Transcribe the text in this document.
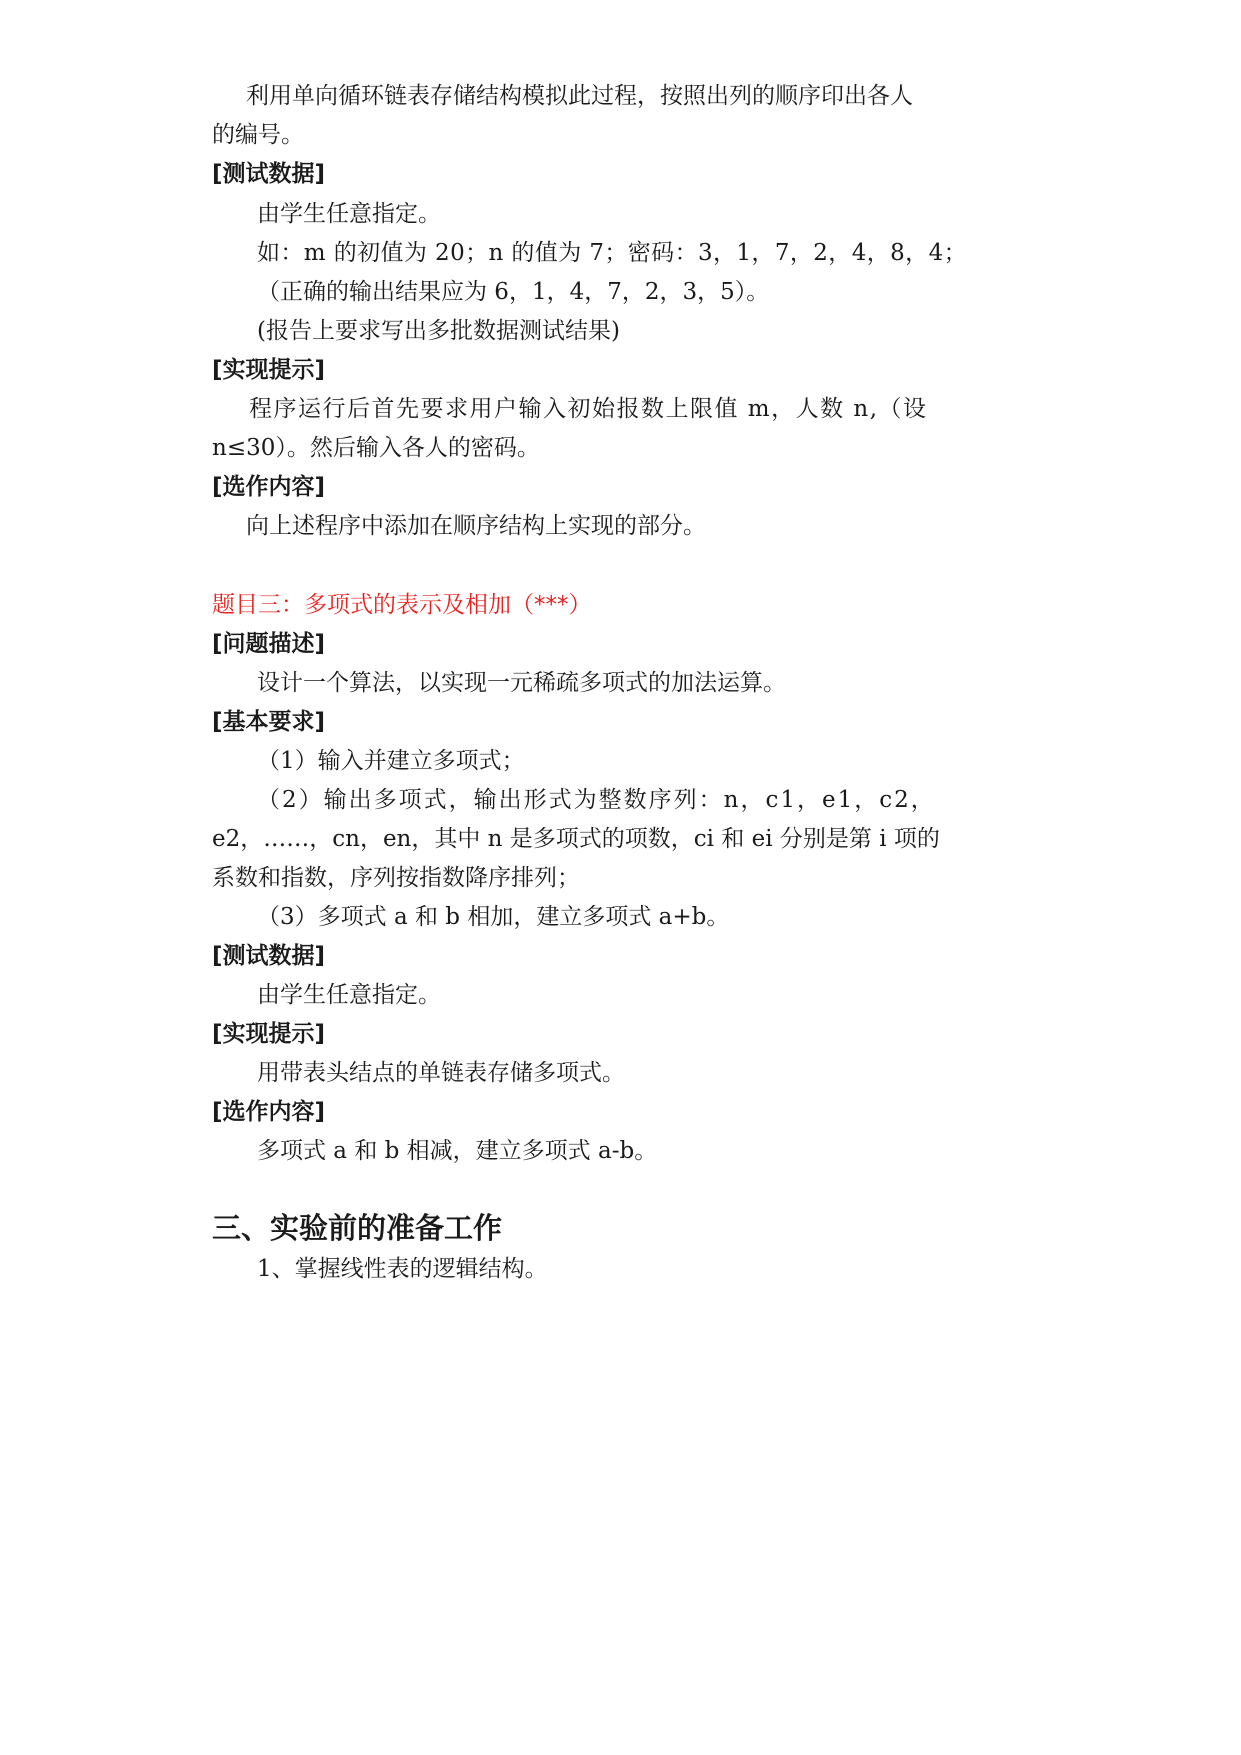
利用单向循环链表存储结构模拟此过程，按照出列的顺序印出各人
的编号。
[测试数据]
由学生任意指定。
如：m 的初值为 20；n 的值为 7；密码：3，1，7，2，4，8，4；
（正确的输出结果应为 6，1，4，7，2，3，5）。
(报告上要求写出多批数据测试结果)
[实现提示]
程序运行后首先要求用户输入初始报数上限值 m，人数 n,（设
n≤30）。然后输入各人的密码。
[选作内容]
向上述程序中添加在顺序结构上实现的部分。
题目三：多项式的表示及相加（***）
[问题描述]
设计一个算法，以实现一元稀疏多项式的加法运算。
[基本要求]
（1）输入并建立多项式；
（2）输出多项式，输出形式为整数序列：n，c1，e1，c2，
e2，……，cn，en，其中 n 是多项式的项数，ci 和 ei 分别是第 i 项的
系数和指数，序列按指数降序排列；
（3）多项式 a 和 b 相加，建立多项式 a+b。
[测试数据]
由学生任意指定。
[实现提示]
用带表头结点的单链表存储多项式。
[选作内容]
多项式 a 和 b 相减，建立多项式 a-b。
三、实验前的准备工作
1、掌握线性表的逻辑结构。
